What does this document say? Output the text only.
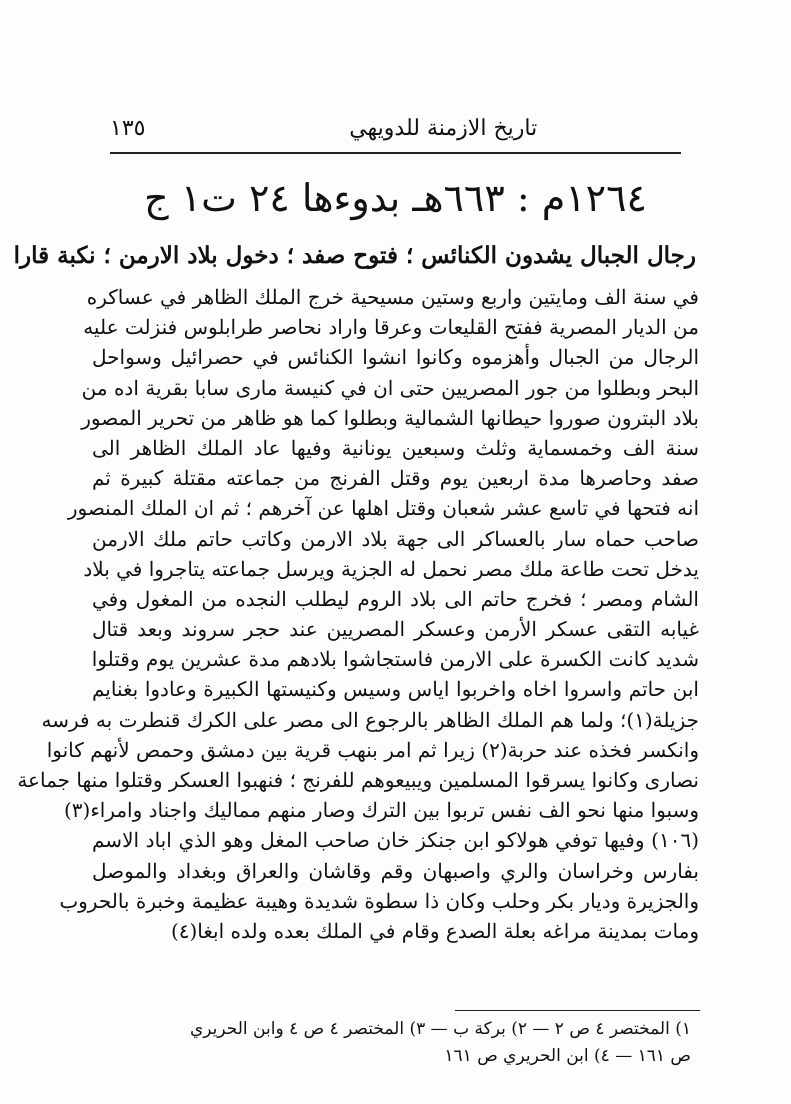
١٣٥	تاريخ الازمنة للدويهي
١٢٦٤م : ٦٦٣هـ بدوءها ٢٤ ت١ ج
رجال الجبال يشدون الكنائس ؛ فتوح صفد ؛ دخول بلاد الارمن ؛ نكبة قارا
في سنة الف ومايتين واربع وستين مسيحية خرج الملك الظاهر في عساكره
من الديار المصرية ففتح القليعات وعرقا واراد نحاصر طرابلوس فنزلت عليه
الرجال من الجبال وأهزموه وكانوا انشوا الكنائس في حصرائيل وسواحل
البحر وبطلوا من جور المصريين حتى ان في كنيسة مارى سابا بقرية اده من
بلاد البترون صوروا حيطانها الشمالية وبطلوا كما هو ظاهر من تحرير المصور
سنة الف وخمسماية وثلث وسبعين يونانية وفيها عاد الملك الظاهر الى
صفد وحاصرها مدة اربعين يوم وقتل الفرنج من جماعته مقتلة كبيرة ثم
انه فتحها في تاسع عشر شعبان وقتل اهلها عن آخرهم ؛ ثم ان الملك المنصور
صاحب حماه سار بالعساكر الى جهة بلاد الارمن وكاتب حاتم ملك الارمن
يدخل تحت طاعة ملك مصر نحمل له الجزية ويرسل جماعته يتاجروا في بلاد
الشام ومصر ؛ فخرج حاتم الى بلاد الروم ليطلب النجده من المغول وفي
غيابه التقى عسكر الأرمن وعسكر المصريين عند حجر سروند وبعد قتال
شديد كانت الكسرة على الارمن فاستجاشوا بلادهم مدة عشرين يوم وقتلوا
ابن حاتم واسروا اخاه واخربوا اياس وسيس وكنيستها الكبيرة وعادوا بغنايم
جزيلة(١)؛ ولما هم الملك الظاهر بالرجوع الى مصر على الكرك قنطرت به فرسه
وانكسر فخذه عند حربة(٢) زيرا ثم امر بنهب قرية بين دمشق وحمص لأنهم كانوا
نصارى وكانوا يسرقوا المسلمين ويبيعوهم للفرنج ؛ فنهبوا العسكر وقتلوا منها جماعة
وسبوا منها نحو الف نفس تربوا بين الترك وصار منهم مماليك واجناد وامراء(٣)
(١٠٦) وفيها توفي هولاكو ابن جنكز خان صاحب المغل وهو الذي اباد الاسم
بفارس وخراسان والري واصبهان وقم وقاشان والعراق وبغداد والموصل
والجزيرة وديار بكر وحلب وكان ذا سطوة شديدة وهيبة عظيمة وخبرة بالحروب
ومات بمدينة مراغه بعلة الصدع وقام في الملك بعده ولده ابغا(٤)
١) المختصر ٤ ص ٢ — ٢) بركة ب — ٣) المختصر ٤ ص ٤ وابن الحريري
ص ١٦١ — ٤) ابن الحريري ص ١٦١
